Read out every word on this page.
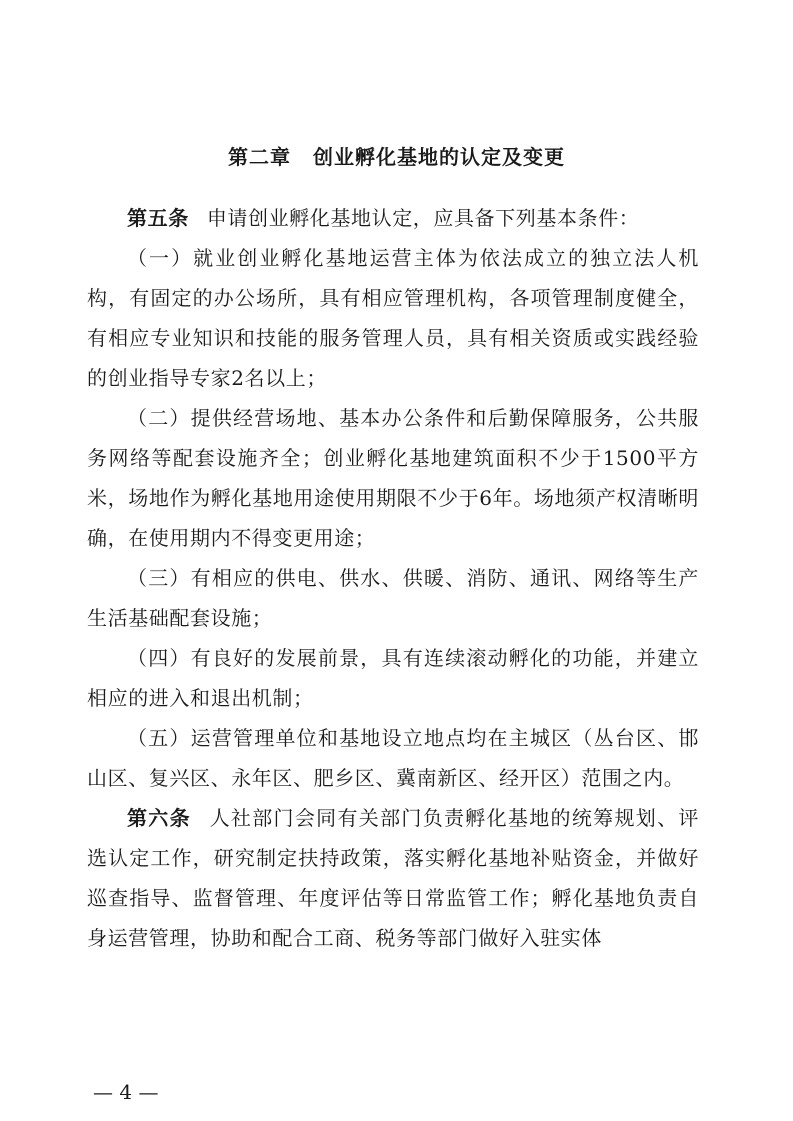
第二章 创业孵化基地的认定及变更

第五条 申请创业孵化基地认定，应具备下列基本条件：

（一）就业创业孵化基地运营主体为依法成立的独立法人机构，有固定的办公场所，具有相应管理机构，各项管理制度健全，有相应专业知识和技能的服务管理人员，具有相关资质或实践经验的创业指导专家2名以上；

（二）提供经营场地、基本办公条件和后勤保障服务，公共服务网络等配套设施齐全；创业孵化基地建筑面积不少于1500平方米，场地作为孵化基地用途使用期限不少于6年。场地须产权清晰明确，在使用期内不得变更用途；

（三）有相应的供电、供水、供暖、消防、通讯、网络等生产生活基础配套设施；

（四）有良好的发展前景，具有连续滚动孵化的功能，并建立相应的进入和退出机制；

（五）运营管理单位和基地设立地点均在主城区（丛台区、邯山区、复兴区、永年区、肥乡区、冀南新区、经开区）范围之内。

第六条 人社部门会同有关部门负责孵化基地的统筹规划、评选认定工作，研究制定扶持政策，落实孵化基地补贴资金，并做好巡查指导、监督管理、年度评估等日常监管工作；孵化基地负责自身运营管理，协助和配合工商、税务等部门做好入驻实体

— 4 —
